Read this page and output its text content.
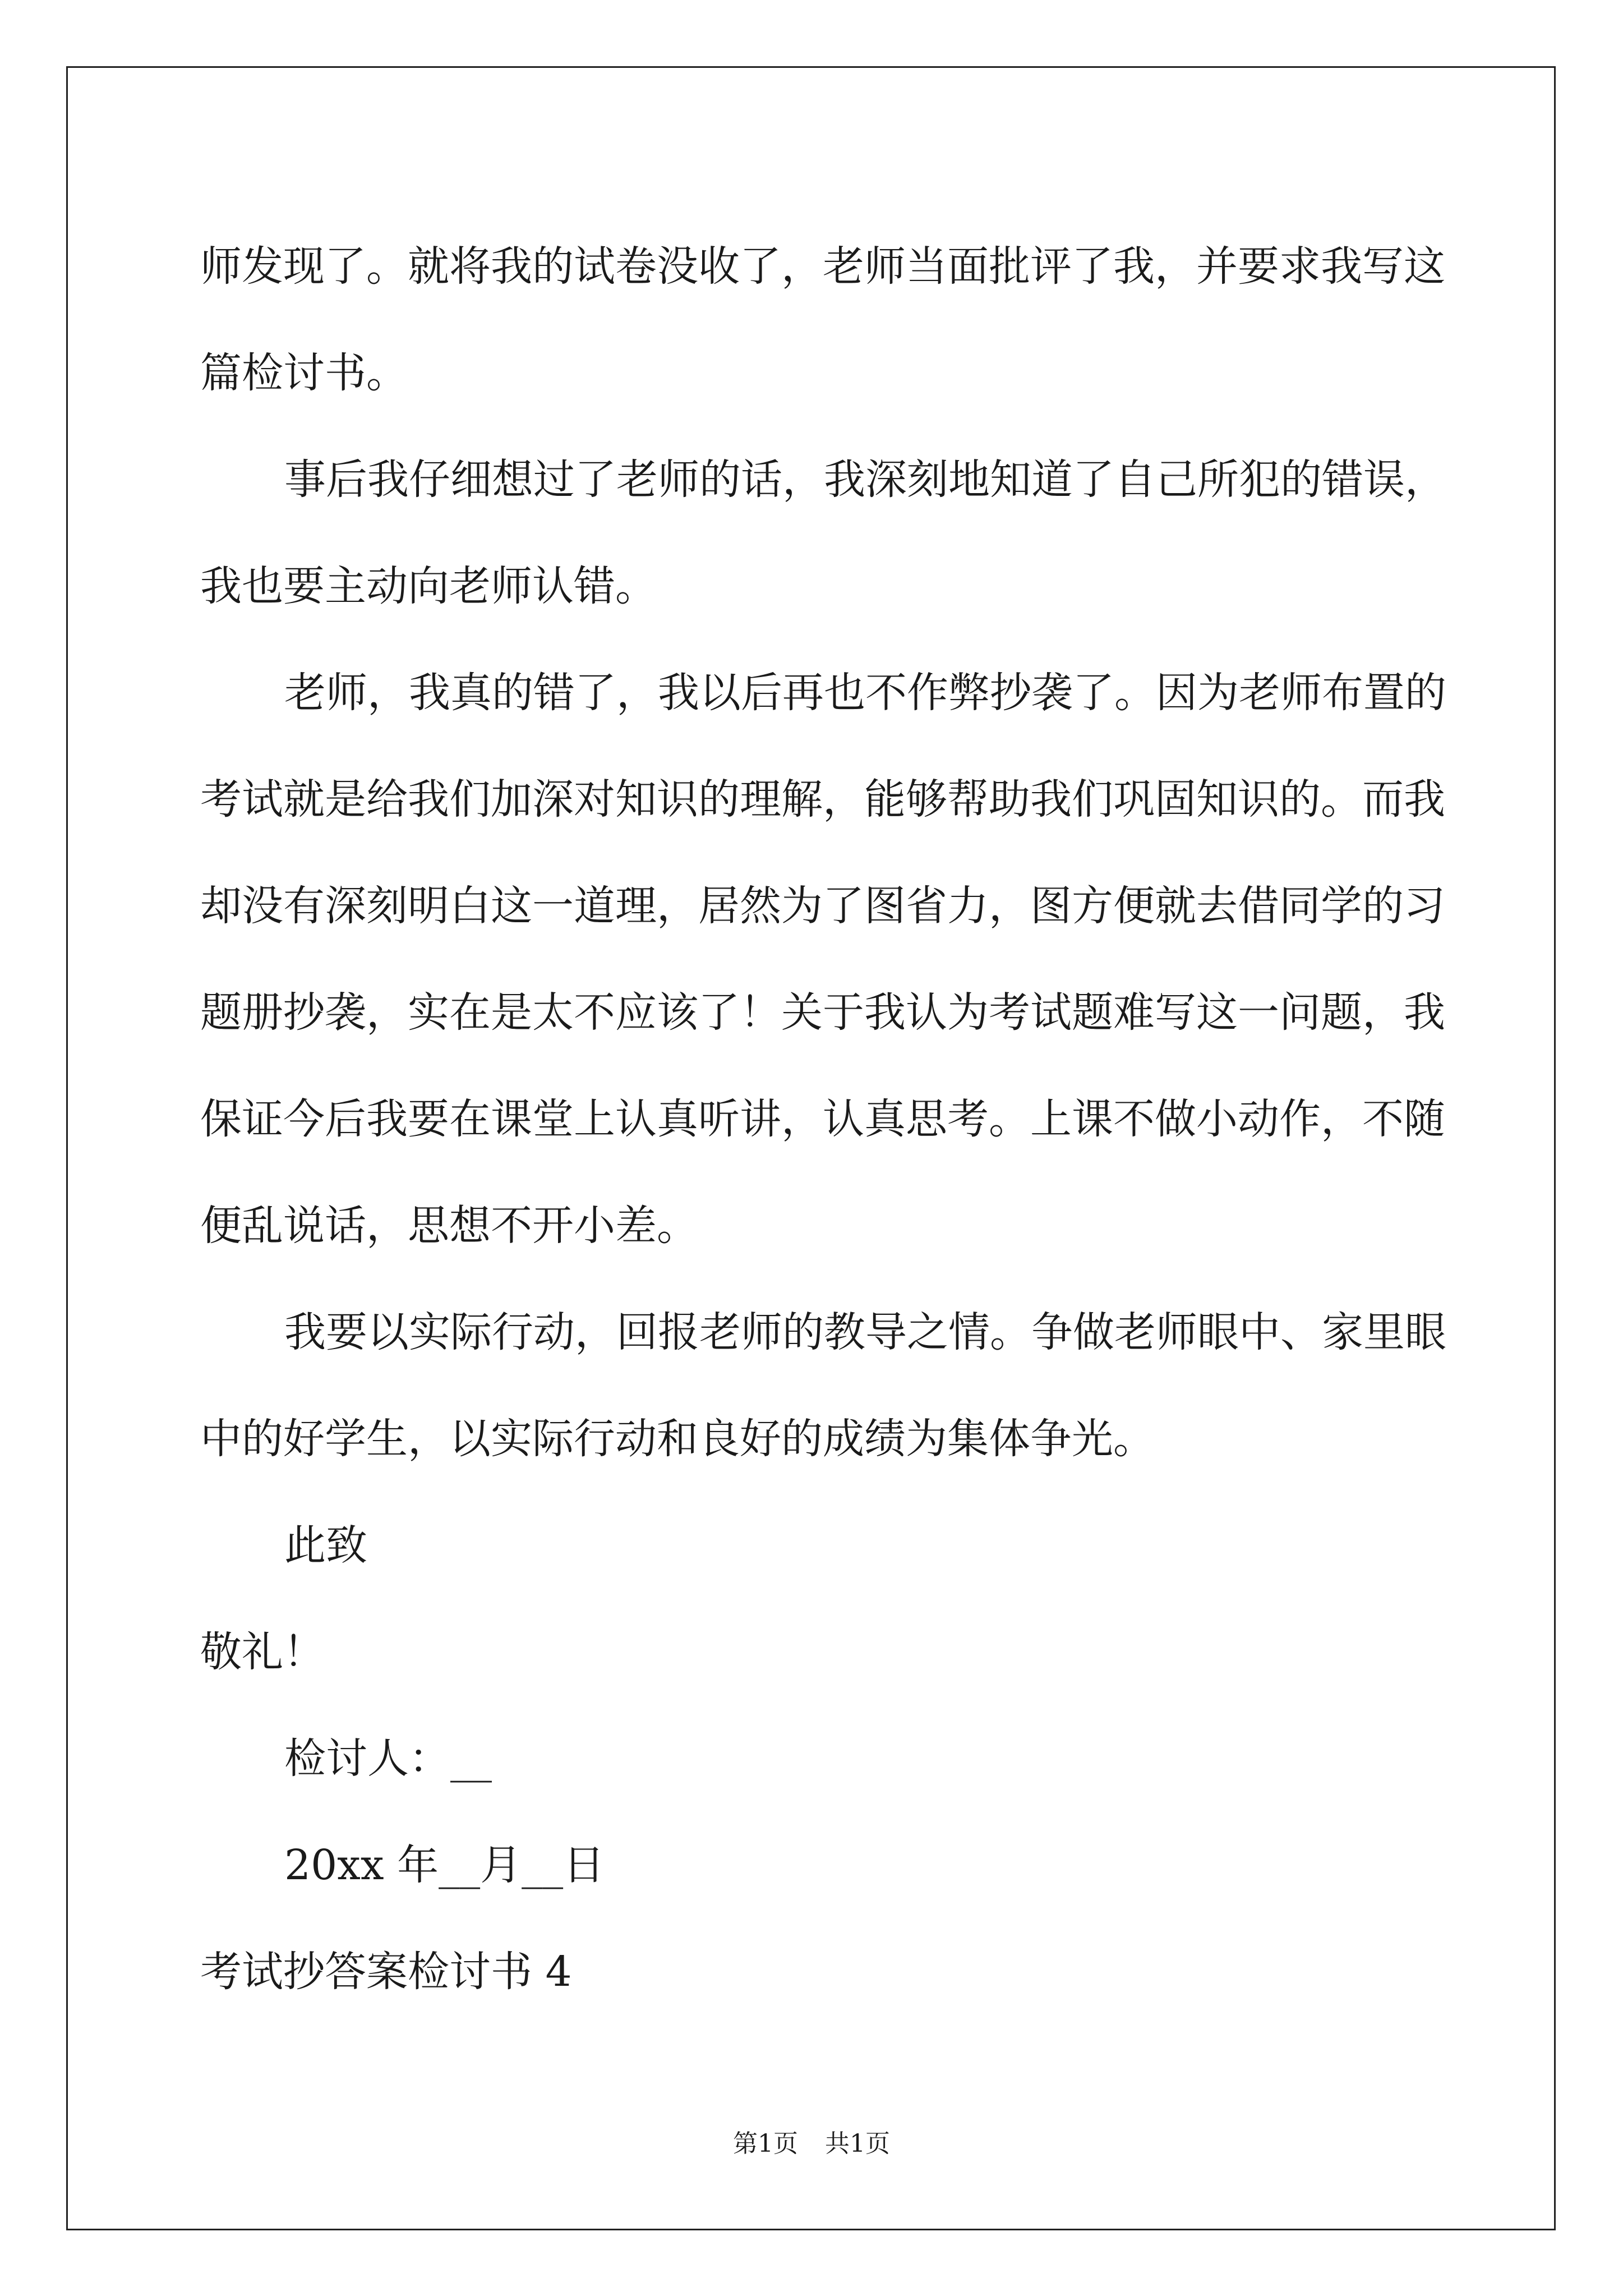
师发现了。就将我的试卷没收了，老师当面批评了我，并要求我写这
篇检讨书。
事后我仔细想过了老师的话，我深刻地知道了自己所犯的错误，
我也要主动向老师认错。
老师，我真的错了，我以后再也不作弊抄袭了。因为老师布置的
考试就是给我们加深对知识的理解，能够帮助我们巩固知识的。而我
却没有深刻明白这一道理，居然为了图省力，图方便就去借同学的习
题册抄袭，实在是太不应该了！关于我认为考试题难写这一问题，我
保证今后我要在课堂上认真听讲，认真思考。上课不做小动作，不随
便乱说话，思想不开小差。
我要以实际行动，回报老师的教导之情。争做老师眼中、家里眼
中的好学生，以实际行动和良好的成绩为集体争光。
此致
敬礼！
检讨人：__
20xx 年__月__日
考试抄答案检讨书 4
第1页 共1页
